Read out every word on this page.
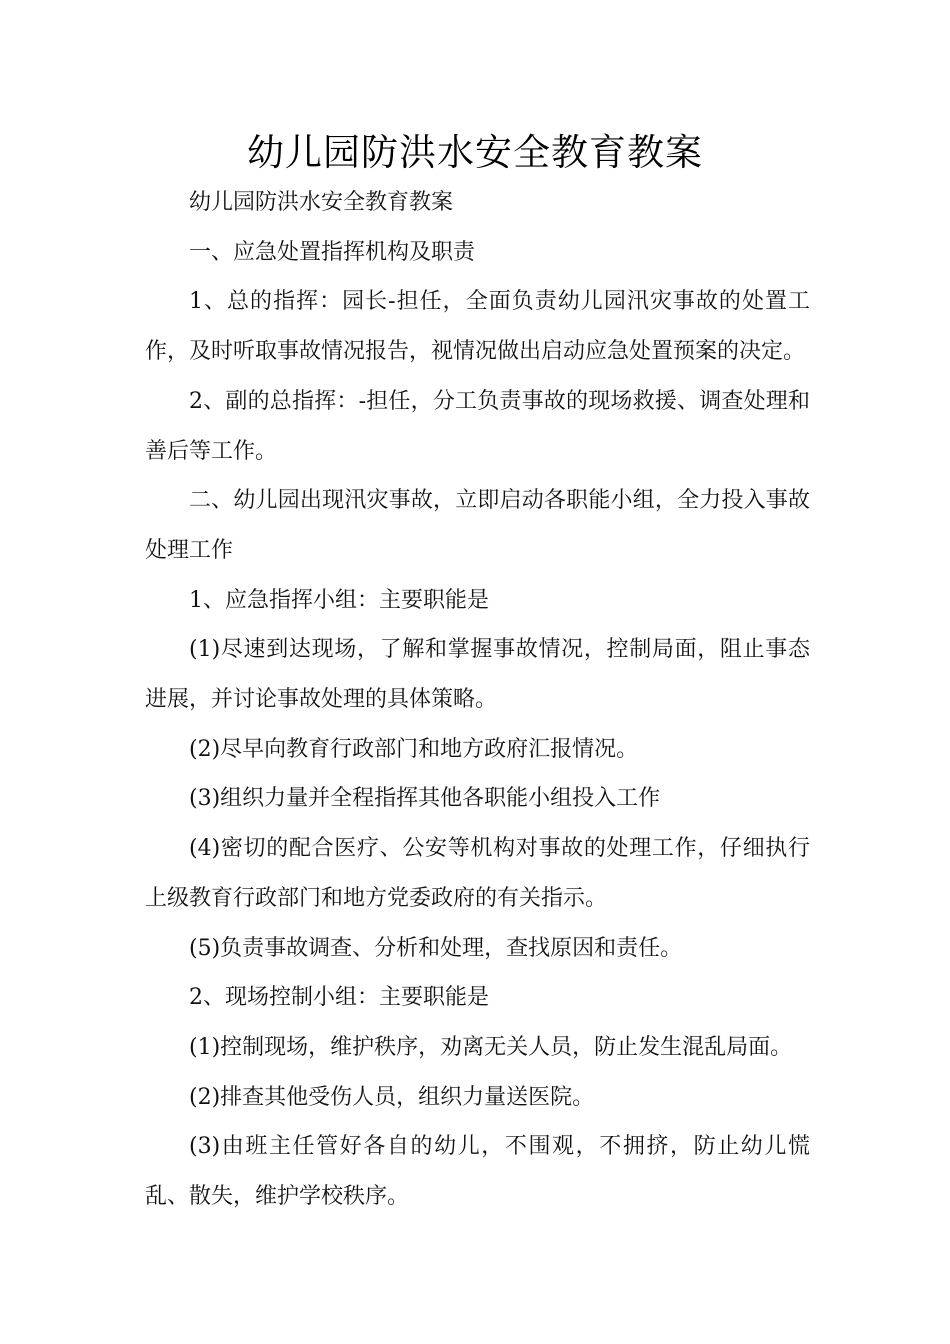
幼儿园防洪水安全教育教案

幼儿园防洪水安全教育教案

一、应急处置指挥机构及职责

1、总的指挥：园长-担任，全面负责幼儿园汛灾事故的处置工作，及时听取事故情况报告，视情况做出启动应急处置预案的决定。

2、副的总指挥：-担任，分工负责事故的现场救援、调查处理和善后等工作。

二、幼儿园出现汛灾事故，立即启动各职能小组，全力投入事故处理工作

1、应急指挥小组：主要职能是

(1)尽速到达现场，了解和掌握事故情况，控制局面，阻止事态进展，并讨论事故处理的具体策略。

(2)尽早向教育行政部门和地方政府汇报情况。

(3)组织力量并全程指挥其他各职能小组投入工作

(4)密切的配合医疗、公安等机构对事故的处理工作，仔细执行上级教育行政部门和地方党委政府的有关指示。

(5)负责事故调查、分析和处理，查找原因和责任。

2、现场控制小组：主要职能是

(1)控制现场，维护秩序，劝离无关人员，防止发生混乱局面。

(2)排查其他受伤人员，组织力量送医院。

(3)由班主任管好各自的幼儿，不围观，不拥挤，防止幼儿慌乱、散失，维护学校秩序。
